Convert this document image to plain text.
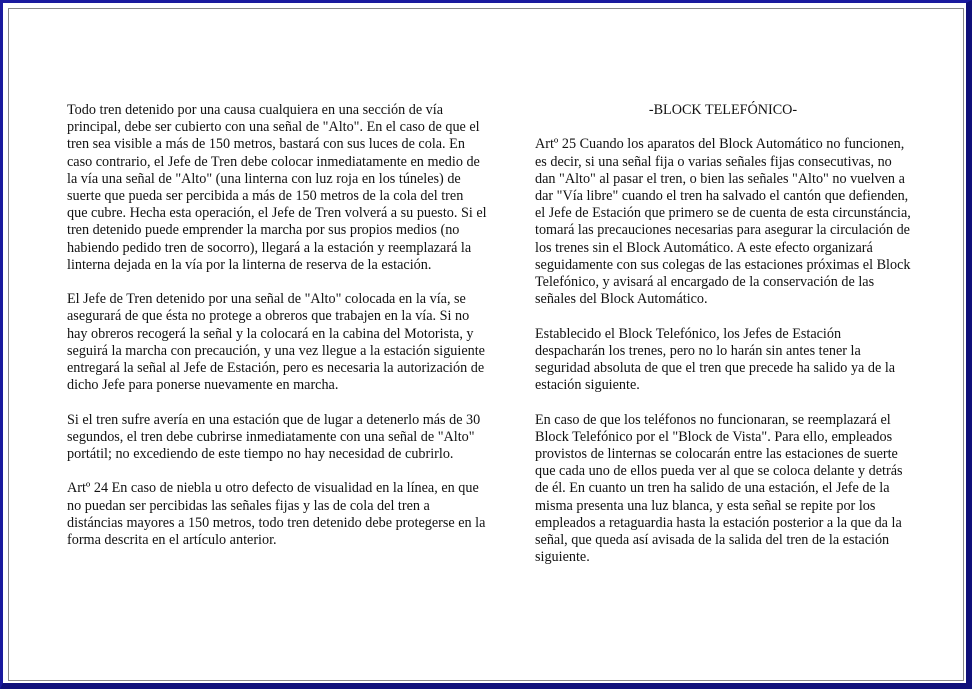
Todo tren detenido por una causa cualquiera en una sección de vía principal, debe ser cubierto con una señal de "Alto". En el caso de que el tren sea visible a más de 150 metros, bastará con sus luces de cola. En caso contrario, el Jefe de Tren debe colocar inmediatamente en medio de la vía una señal de "Alto" (una linterna con luz roja en los túneles) de suerte que pueda ser percibida a más de 150 metros de la cola del tren que cubre. Hecha esta operación, el Jefe de Tren volverá a su puesto. Si el tren detenido puede emprender la marcha por sus propios medios (no habiendo pedido tren de socorro), llegará a la estación y reemplazará la linterna dejada en la vía por la linterna de reserva de la estación.

El Jefe de Tren detenido por una señal de "Alto" colocada en la vía, se asegurará de que ésta no protege a obreros que trabajen en la vía. Si no hay obreros recogerá la señal y la colocará en la cabina del Motorista, y seguirá la marcha con precaución, y una vez llegue a la estación siguiente entregará la señal al Jefe de Estación, pero es necesaria la autorización de dicho Jefe para ponerse nuevamente en marcha.

Si el tren sufre avería en una estación que de lugar a detenerlo más de 30 segundos, el tren debe cubrirse inmediatamente con una señal de "Alto" portátil; no excediendo de este tiempo no hay necesidad de cubrirlo.

Artº 24 En caso de niebla u otro defecto de visualidad en la línea, en que no puedan ser percibidas las señales fijas y las de cola del tren a distáncias mayores a 150 metros, todo tren detenido debe protegerse en la forma descrita en el artículo anterior.

-BLOCK TELEFÓNICO-

Artº 25 Cuando los aparatos del Block Automático no funcionen, es decir, si una señal fija o varias señales fijas consecutivas, no dan "Alto" al pasar el tren, o bien las señales "Alto" no vuelven a dar "Vía libre" cuando el tren ha salvado el cantón que defienden, el Jefe de Estación que primero se de cuenta de esta circunstáncia, tomará las precauciones necesarias para asegurar la circulación de los trenes sin el Block Automático. A este efecto organizará seguidamente con sus colegas de las estaciones próximas el Block Telefónico, y avisará al encargado de la conservación de las señales del Block Automático.

Establecido el Block Telefónico, los Jefes de Estación despacharán los trenes, pero no lo harán sin antes tener la seguridad absoluta de que el tren que precede ha salido ya de la estación siguiente.

En caso de que los teléfonos no funcionaran, se reemplazará el Block Telefónico por el "Block de Vista". Para ello, empleados provistos de linternas se colocarán entre las estaciones de suerte que cada uno de ellos pueda ver al que se coloca delante y detrás de él. En cuanto un tren ha salido de una estación, el Jefe de la misma presenta una luz blanca, y esta señal se repite por los empleados a retaguardia hasta la estación posterior a la que da la señal, que queda así avisada de la salida del tren de la estación siguiente.
